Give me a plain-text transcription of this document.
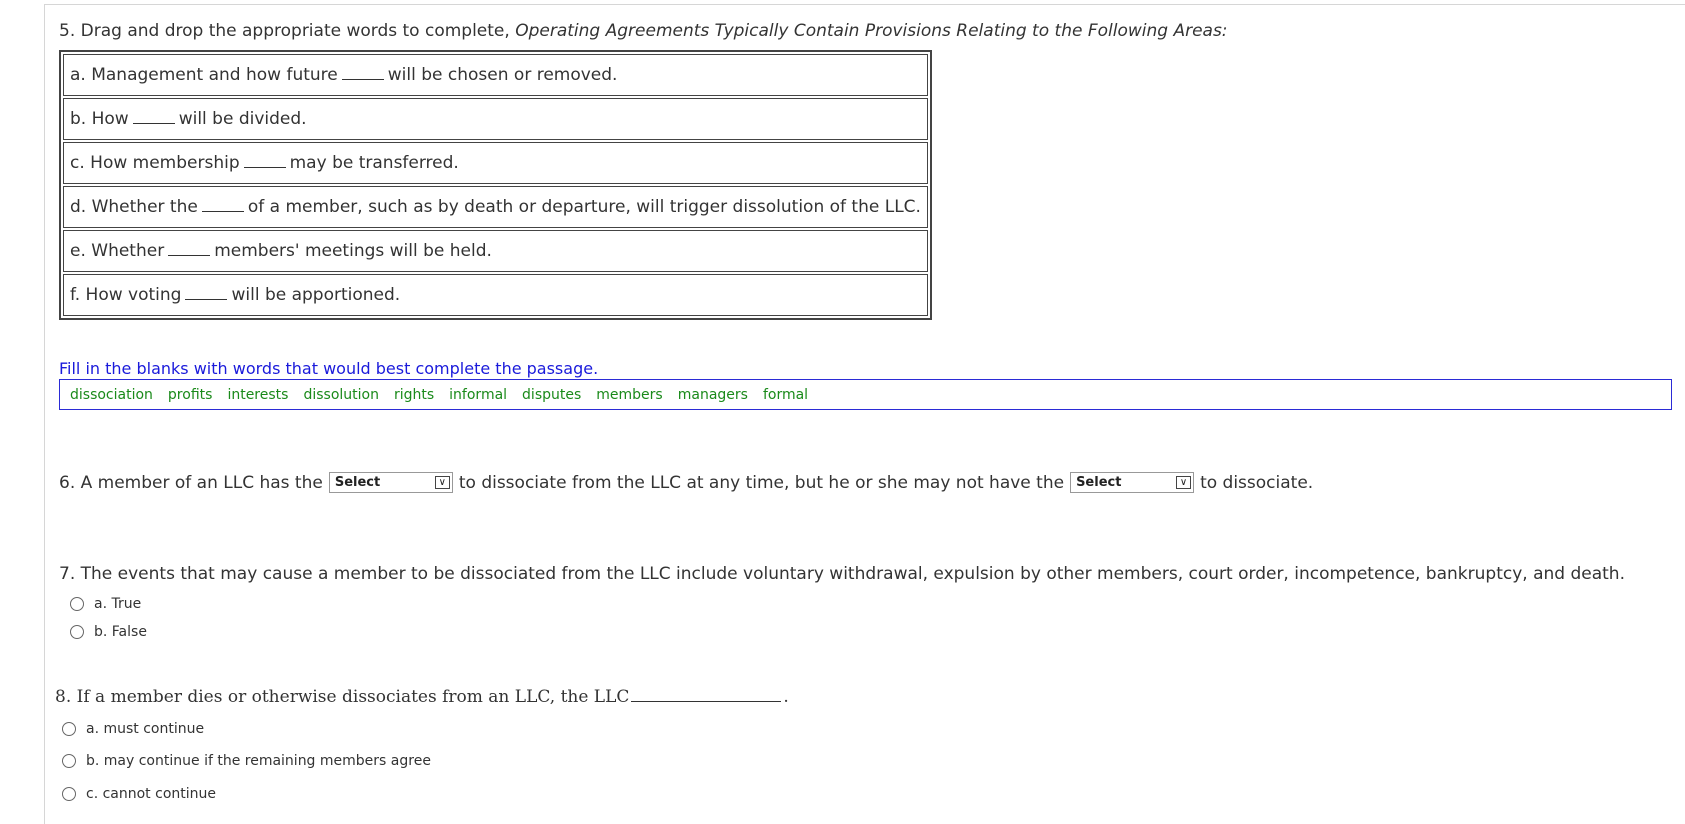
5. Drag and drop the appropriate words to complete, Operating Agreements Typically Contain Provisions Relating to the Following Areas:
a. Management and how future	will be chosen or removed.
b. How	will be divided.
c. How membership	may be transferred.
d. Whether the	of a member, such as by death or departure, will trigger dissolution of the LLC.
e. Whether	members' meetings will be held.
f. How voting	will be apportioned.
Fill in the blanks with words that would best complete the passage.
dissociation profits interests dissolution rights informal disputes members managers formal
6. A member of an LLC has the Select	∨ to dissociate from the LLC at any time, but he or she may not have the Select	∨ to dissociate.
7. The events that may cause a member to be dissociated from the LLC include voluntary withdrawal, expulsion by other members, court order, incompetence, bankruptcy, and death.
a. True
b. False
8. If a member dies or otherwise dissociates from an LLC, the LLC	.
a. must continue
b. may continue if the remaining members agree
c. cannot continue
